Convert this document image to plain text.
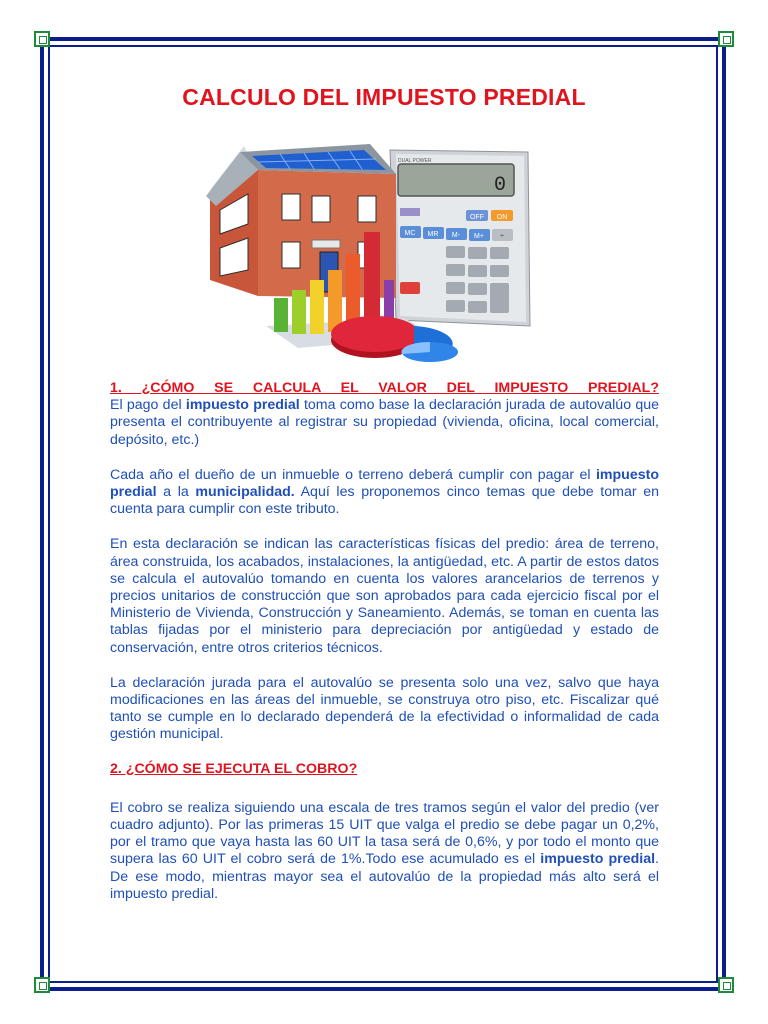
CALCULO DEL IMPUESTO PREDIAL
DUAL POWER
0
OFF ON
MC MR M- M+ ÷

1. ¿CÓMO SE CALCULA EL VALOR DEL IMPUESTO PREDIAL?

El pago del impuesto predial toma como base la declaración jurada de autovalúo que presenta el contribuyente al registrar su propiedad (vivienda, oficina, local comercial, depósito, etc.)

Cada año el dueño de un inmueble o terreno deberá cumplir con pagar el impuesto predial a la municipalidad. Aquí les proponemos cinco temas que debe tomar en cuenta para cumplir con este tributo.

En esta declaración se indican las características físicas del predio: área de terreno, área construida, los acabados, instalaciones, la antigüedad, etc. A partir de estos datos se calcula el autovalúo tomando en cuenta los valores arancelarios de terrenos y precios unitarios de construcción que son aprobados para cada ejercicio fiscal por el Ministerio de Vivienda, Construcción y Saneamiento. Además, se toman en cuenta las tablas fijadas por el ministerio para depreciación por antigüedad y estado de conservación, entre otros criterios técnicos.

La declaración jurada para el autovalúo se presenta solo una vez, salvo que haya modificaciones en las áreas del inmueble, se construya otro piso, etc. Fiscalizar qué tanto se cumple en lo declarado dependerá de la efectividad o informalidad de cada gestión municipal.

2. ¿CÓMO SE EJECUTA EL COBRO?

El cobro se realiza siguiendo una escala de tres tramos según el valor del predio (ver cuadro adjunto). Por las primeras 15 UIT que valga el predio se debe pagar un 0,2%, por el tramo que vaya hasta las 60 UIT la tasa será de 0,6%, y por todo el monto que supera las 60 UIT el cobro será de 1%.Todo ese acumulado es el impuesto predial. De ese modo, mientras mayor sea el autovalúo de la propiedad más alto será el impuesto predial.
